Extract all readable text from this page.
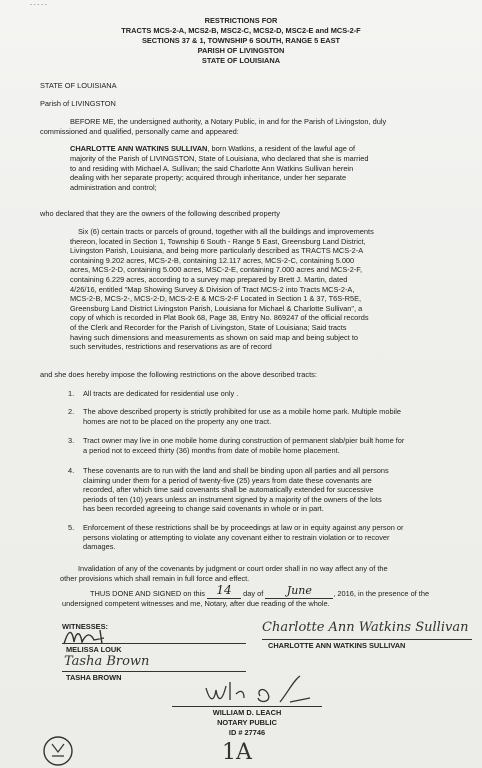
- - - - -
RESTRICTIONS FOR
TRACTS MCS-2-A, MCS2-B, MSC2-C, MCS2-D, MSC2-E and MCS-2-F
SECTIONS 37 & 1, TOWNSHIP 6 SOUTH, RANGE 5 EAST
PARISH OF LIVINGSTON
STATE OF LOUISIANA
STATE OF LOUISIANA
Parish of LIVINGSTON
BEFORE ME, the undersigned authority, a Notary Public, in and for the Parish of Livingston, duly
commissioned and qualified, personally came and appeared:
CHARLOTTE ANN WATKINS SULLIVAN, born Watkins, a resident of the lawful age of
majority of the Parish of LIVINGSTON, State of Louisiana, who declared that she is married
to and residing with Michael A. Sullivan; the said Charlotte Ann Watkins Sullivan herein
dealing with her separate property; acquired through inheritance, under her separate
administration and control;
who declared that they are the owners of the following described property
Six (6) certain tracts or parcels of ground, together with all the buildings and improvements
thereon, located in Section 1, Township 6 South - Range 5 East, Greensburg Land District,
Livingston Parish, Louisiana, and being more particularly described as TRACTS MCS-2-A
containing 9.202 acres, MCS-2-B, containing 12.117 acres, MCS-2-C, containing 5.000
acres, MCS-2-D, containing 5.000 acres, MSC-2-E, containing 7.000 acres and MCS-2-F,
containing 6.229 acres, according to a survey map prepared by Brett J. Martin, dated
4/26/16, entitled "Map Showing Survey & Division of Tract MCS-2 into Tracts MCS-2-A,
MCS-2-B, MCS-2-, MCS-2-D, MCS-2-E & MCS-2-F Located in Section 1 & 37, T6S-R5E,
Greensburg Land District Livingston Parish, Louisiana for Michael & Charlotte Sullivan", a
copy of which is recorded in Plat Book 68, Page 38, Entry No. 869247 of the official records
of the Clerk and Recorder for the Parish of Livingston, State of Louisiana; Said tracts
having such dimensions and measurements as shown on said map and being subject to
such servitudes, restrictions and reservations as are of record
and she does hereby impose the following restrictions on the above described tracts:
1. All tracts are dedicated for residential use only .
2. The above described property is strictly prohibited for use as a mobile home park. Multiple mobile
homes are not to be placed on the property any one tract.
3. Tract owner may live in one mobile home during construction of permanent slab/pier built home for
a period not to exceed thirty (36) months from date of mobile home placement.
4. These covenants are to run with the land and shall be binding upon all parties and all persons
claiming under them for a period of twenty-five (25) years from date these covenants are
recorded, after which time said covenants shall be automatically extended for successive
periods of ten (10) years unless an instrument signed by a majority of the owners of the lots
has been recorded agreeing to change said covenants in whole or in part.
5. Enforcement of these restrictions shall be by proceedings at law or in equity against any person or
persons violating or attempting to violate any covenant either to restrain violation or to recover
damages.
Invalidation of any of the covenants by judgment or court order shall in no way affect any of the
other provisions which shall remain in full force and effect.
THUS DONE AND SIGNED on this 14 day of June	, 2016, in the presence of the
undersigned competent witnesses and me, Notary, after due reading of the whole.
WITNESSES:
MELISSA LOUK
Tasha Brown
TASHA BROWN
Charlotte Ann Watkins Sullivan
CHARLOTTE ANN WATKINS SULLIVAN
WILLIAM D. LEACH
NOTARY PUBLIC
ID # 27746
1A
